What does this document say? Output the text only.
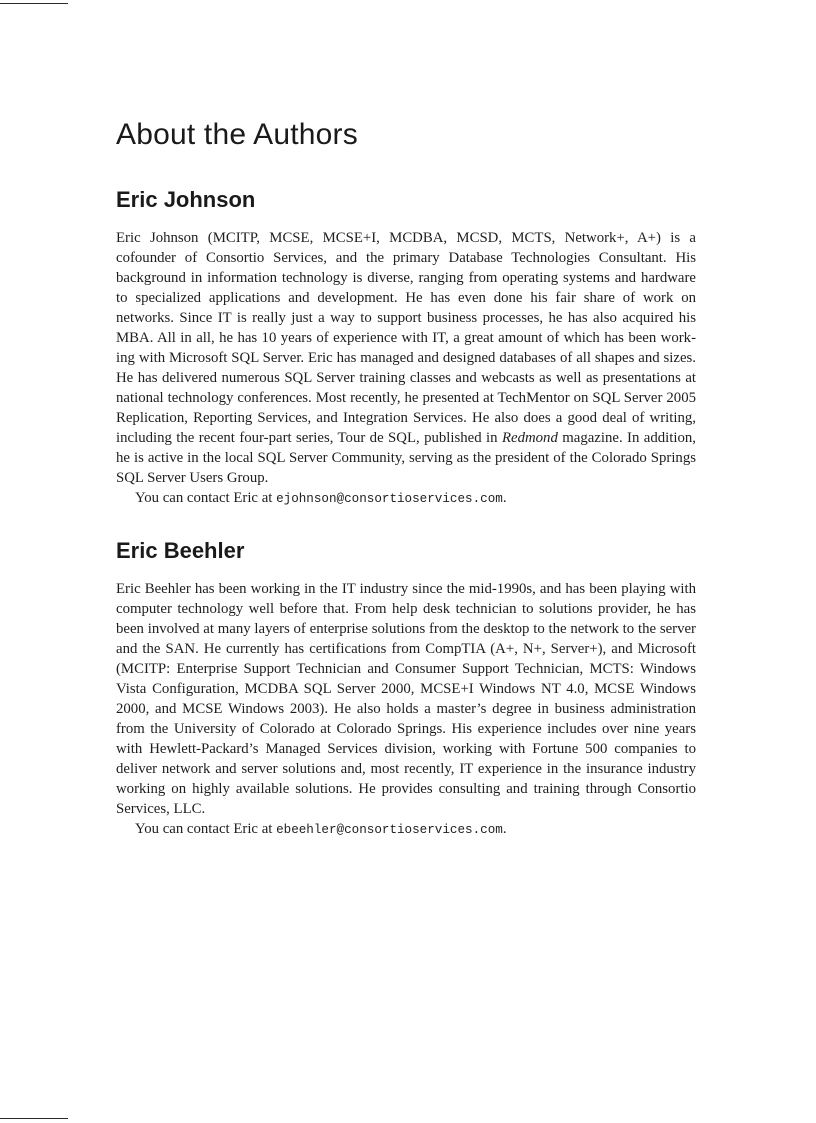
About the Authors
Eric Johnson

Eric Johnson (MCITP, MCSE, MCSE+I, MCDBA, MCSD, MCTS, Network+, A+) is a cofounder of Consortio Services, and the primary Database Technologies Consultant. His background in information technology is diverse, ranging from operating systems and hardware to specialized applications and development. He has even done his fair share of work on networks. Since IT is really just a way to support business processes, he has also acquired his MBA. All in all, he has 10 years of experience with IT, a great amount of which has been working with Microsoft SQL Server. Eric has managed and designed databases of all shapes and sizes. He has delivered numerous SQL Server training classes and webcasts as well as presentations at national technology conferences. Most recently, he presented at TechMentor on SQL Server 2005 Replication, Reporting Services, and Integration Services. He also does a good deal of writing, including the recent four-part series, Tour de SQL, published in Redmond magazine. In addition, he is active in the local SQL Server Community, serving as the president of the Colorado Springs SQL Server Users Group.

You can contact Eric at ejohnson@consortioservices.com.

Eric Beehler

Eric Beehler has been working in the IT industry since the mid-1990s, and has been playing with computer technology well before that. From help desk technician to solutions provider, he has been involved at many layers of enterprise solutions from the desktop to the network to the server and the SAN. He currently has certifications from CompTIA (A+, N+, Server+), and Microsoft (MCITP: Enterprise Support Technician and Consumer Support Technician, MCTS: Windows Vista Configuration, MCDBA SQL Server 2000, MCSE+I Windows NT 4.0, MCSE Windows 2000, and MCSE Windows 2003). He also holds a master’s degree in business administration from the University of Colorado at Colorado Springs. His experience includes over nine years with Hewlett-Packard’s Managed Services division, working with Fortune 500 companies to deliver network and server solutions and, most recently, IT experience in the insurance industry working on highly available solutions. He provides consulting and training through Consortio Services, LLC.

You can contact Eric at ebeehler@consortioservices.com.
